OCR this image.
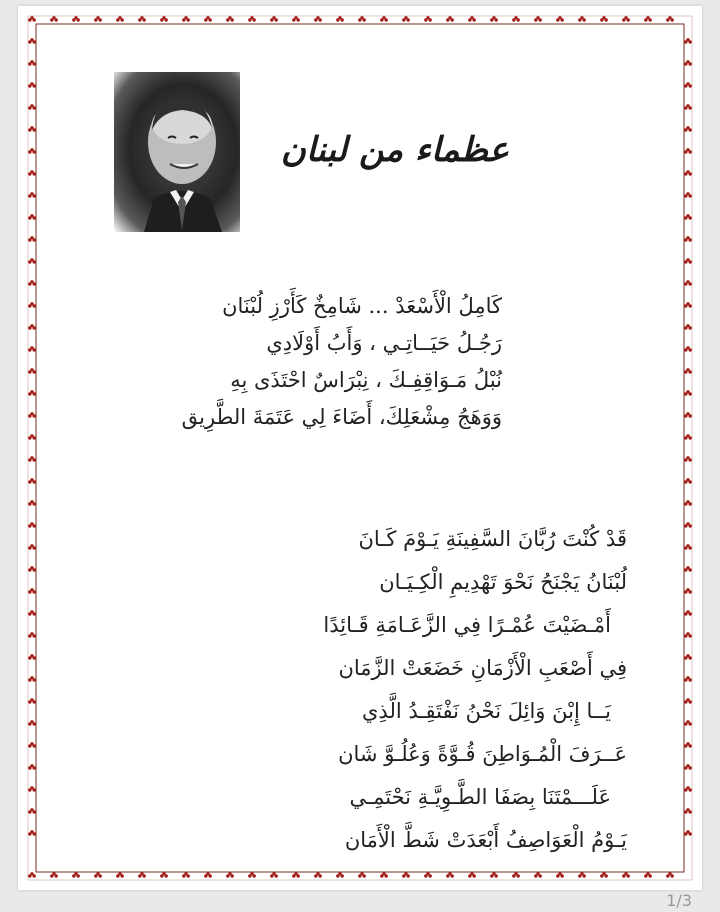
عظماء من لبنان
كَامِلُ الْأَسْعَدْ ... شَامِخٌ كَأَرْزِ لُبْنَان
رَجُـلُ حَيَــاتِـي ، وَأَبُ أَوْلَادِي
نُبْلُ مَـوَاقِفِـكَ ، نِبْرَاسٌ احْتَذَى بِهِ
وَوَهَجُ مِشْعَلِكَ، أَضَاءَ لِي عَتَمَةَ الطَّرِيق
قَدْ كُنْتَ رُبَّانَ السَّفِينَةِ يَـوْمَ كَـانَ
لُبْنَانُ يَجْنَحُ نَحْوَ تَهْدِيمِ الْكِـيَـان
أَمْـضَيْتَ عُمْـرًا فِي الزَّعَـامَةِ قَـائِدًا
فِي أَصْعَبِ الْأَزْمَانِ خَضَعَتْ الزَّمَان
يَــا إِبْنَ وَائِلَ نَحْنُ نَفْتَقِـدُ الَّذِي
عَــرَفَ الْمُـوَاطِنَ قُـوَّةً وَعُلُـوَّ شَان
عَلَـــمْتَنَا بِصَفَا الطَّـوِيَّـةِ نَحْتَمِـي
يَـوْمُ الْعَوَاصِفُ أَبْعَدَتْ شَطَّ الْأَمَان
1/3
